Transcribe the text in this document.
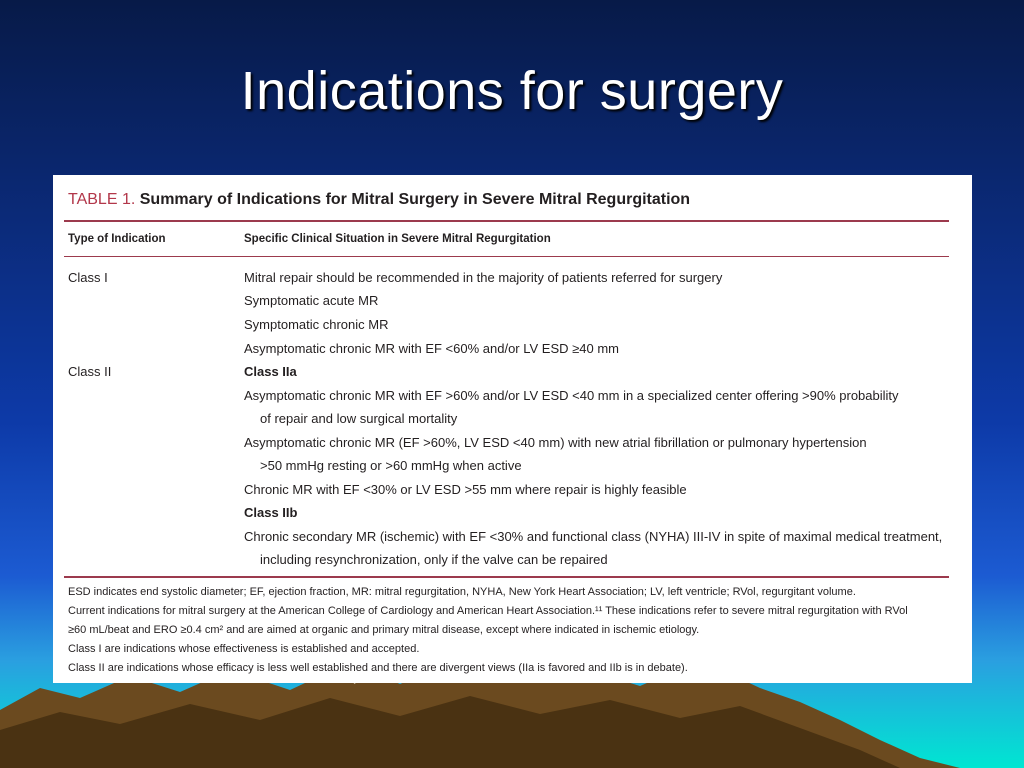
Indications for surgery
TABLE 1. Summary of Indications for Mitral Surgery in Severe Mitral Regurgitation
Type of Indication	Specific Clinical Situation in Severe Mitral Regurgitation
Class I	Mitral repair should be recommended in the majority of patients referred for surgery
Symptomatic acute MR
Symptomatic chronic MR
Asymptomatic chronic MR with EF <60% and/or LV ESD ≥40 mm
Class II	Class IIa
Asymptomatic chronic MR with EF >60% and/or LV ESD <40 mm in a specialized center offering >90% probability
of repair and low surgical mortality
Asymptomatic chronic MR (EF >60%, LV ESD <40 mm) with new atrial fibrillation or pulmonary hypertension
>50 mmHg resting or >60 mmHg when active
Chronic MR with EF <30% or LV ESD >55 mm where repair is highly feasible
Class IIb
Chronic secondary MR (ischemic) with EF <30% and functional class (NYHA) III-IV in spite of maximal medical treatment,
including resynchronization, only if the valve can be repaired
ESD indicates end systolic diameter; EF, ejection fraction, MR: mitral regurgitation, NYHA, New York Heart Association; LV, left ventricle; RVol, regurgitant volume.
Current indications for mitral surgery at the American College of Cardiology and American Heart Association.¹¹ These indications refer to severe mitral regurgitation with RVol
≥60 mL/beat and ERO ≥0.4 cm² and are aimed at organic and primary mitral disease, except where indicated in ischemic etiology.
Class I are indications whose effectiveness is established and accepted.
Class II are indications whose efficacy is less well established and there are divergent views (IIa is favored and IIb is in debate).
